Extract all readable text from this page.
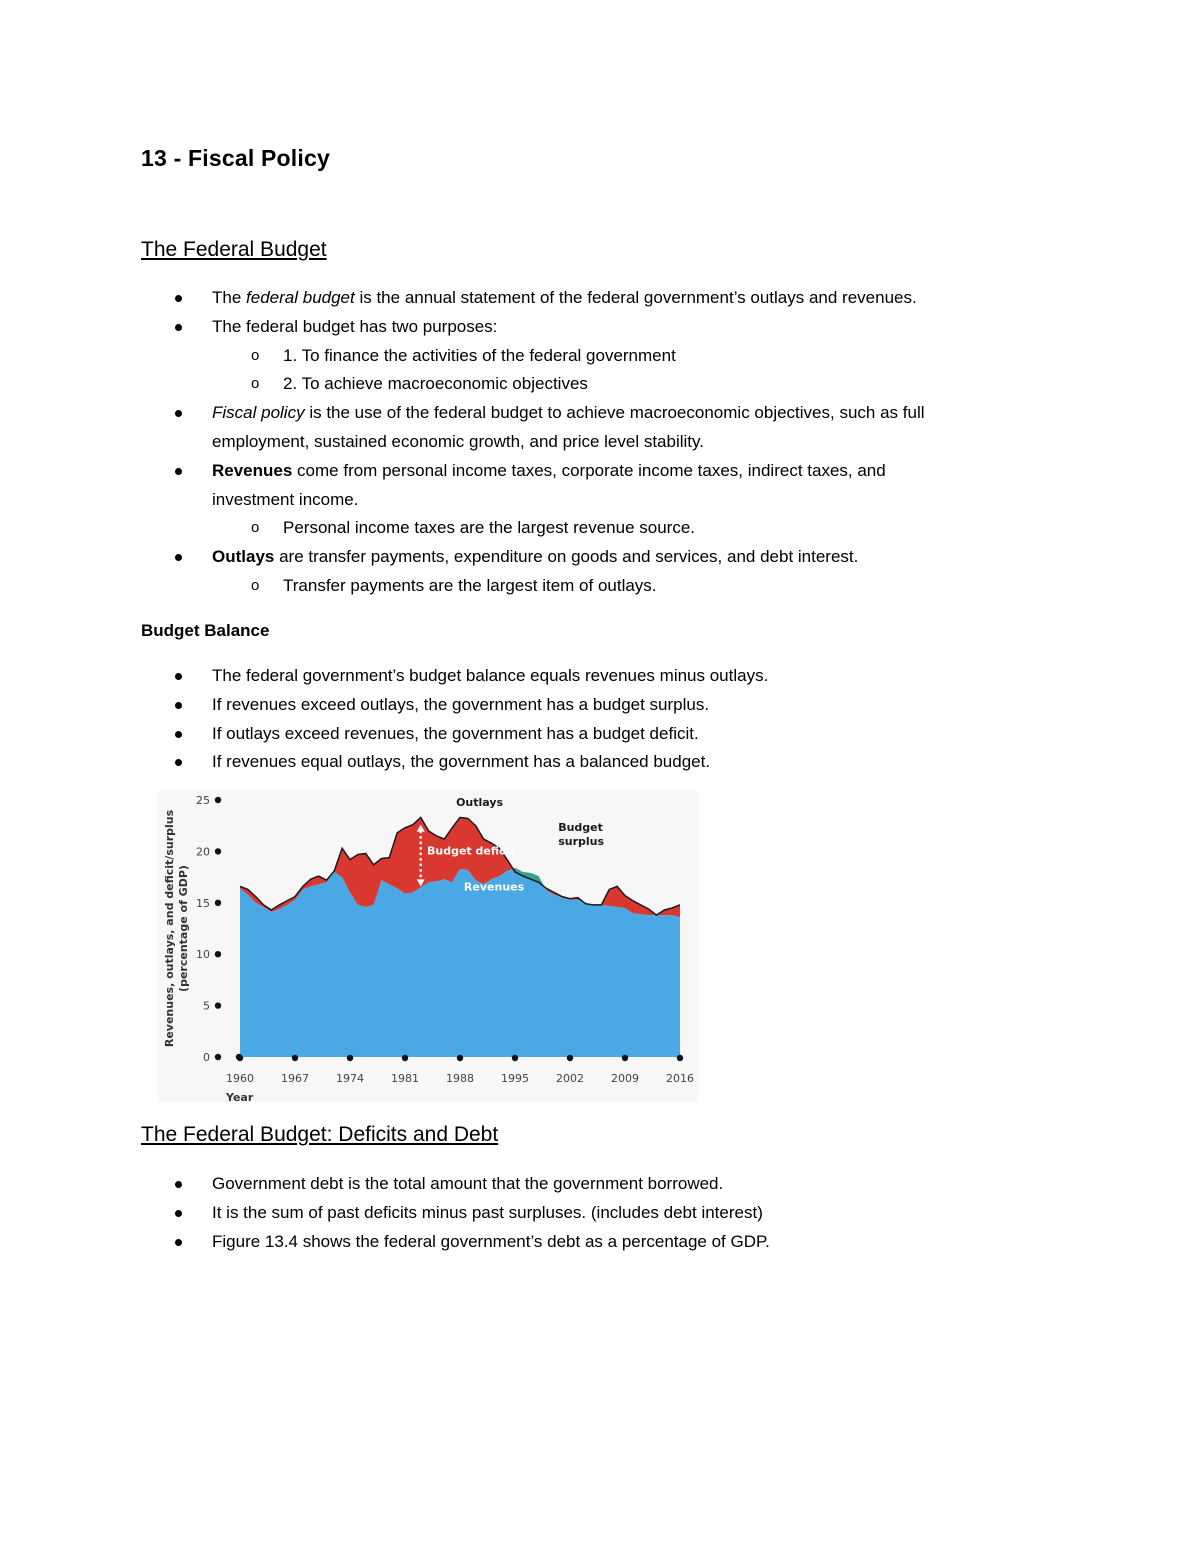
13 - Fiscal Policy
The Federal Budget
The federal budget is the annual statement of the federal government’s outlays and revenues.
The federal budget has two purposes:
o 1. To finance the activities of the federal government
o 2. To achieve macroeconomic objectives
Fiscal policy is the use of the federal budget to achieve macroeconomic objectives, such as full
employment, sustained economic growth, and price level stability.
Revenues come from personal income taxes, corporate income taxes, indirect taxes, and
investment income.
o Personal income taxes are the largest revenue source.
Outlays are transfer payments, expenditure on goods and services, and debt interest.
o Transfer payments are the largest item of outlays.
Budget Balance
The federal government’s budget balance equals revenues minus outlays.
If revenues exceed outlays, the government has a budget surplus.
If outlays exceed revenues, the government has a budget deficit.
If revenues equal outlays, the government has a balanced budget.
0
5
10
15
20
25
1960 1967 1974 1981 1988 1995 2002 2009 2016
Year
Revenues, outlays, and deficit/surplus (percentage of GDP)
Outlays
Budget deficit
Revenues
Budget
surplus
The Federal Budget: Deficits and Debt
Government debt is the total amount that the government borrowed.
It is the sum of past deficits minus past surpluses. (includes debt interest)
Figure 13.4 shows the federal government’s debt as a percentage of GDP.
